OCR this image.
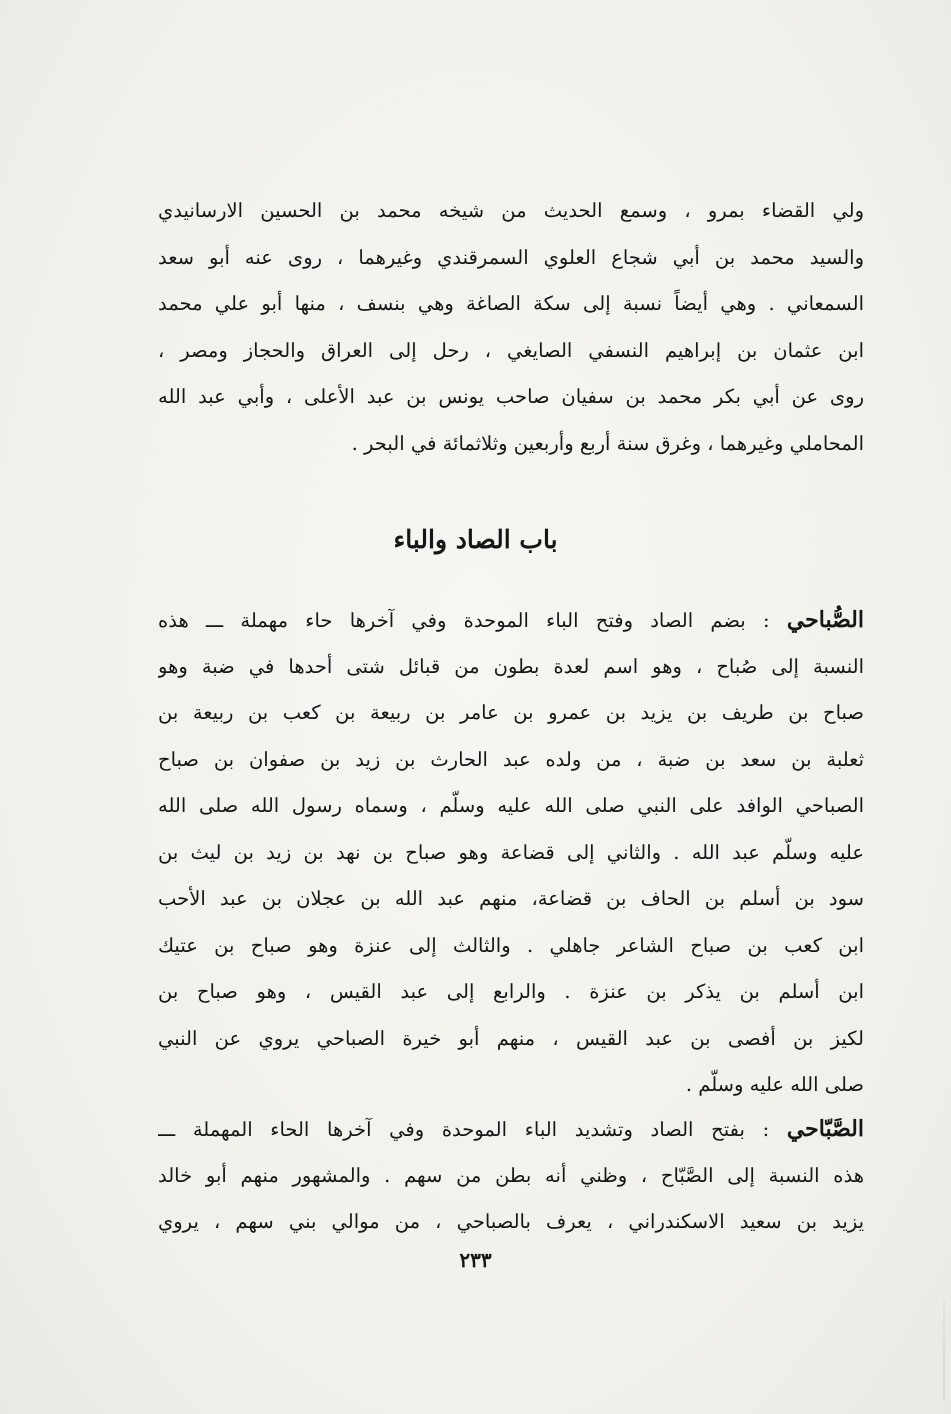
ولي القضاء بمرو ، وسمع الحديث من شيخه محمد بن الحسين الارسانيدي
والسيد محمد بن أبي شجاع العلوي السمرقندي وغيرهما ، روى عنه أبو سعد
السمعاني . وهي أيضاً نسبة إلى سكة الصاغة وهي بنسف ، منها أبو علي محمد
ابن عثمان بن إبراهيم النسفي الصايغي ، رحل إلى العراق والحجاز ومصر ،
روى عن أبي بكر محمد بن سفيان صاحب يونس بن عبد الأعلى ، وأبي عبد الله
المحاملي وغيرهما ، وغرق سنة أربع وأربعين وثلاثمائة في البحر .
باب الصاد والباء
الصُّباحي : بضم الصاد وفتح الباء الموحدة وفي آخرها حاء مهملة ـــ هذه
النسبة إلى صُباح ، وهو اسم لعدة بطون من قبائل شتى أحدها في ضبة وهو
صباح بن طريف بن يزيد بن عمرو بن عامر بن ربيعة بن كعب بن ربيعة بن
ثعلبة بن سعد بن ضبة ، من ولده عبد الحارث بن زيد بن صفوان بن صباح
الصباحي الوافد على النبي صلى الله عليه وسلّم ، وسماه رسول الله صلى الله
عليه وسلّم عبد الله . والثاني إلى قضاعة وهو صباح بن نهد بن زيد بن ليث بن
سود بن أسلم بن الحاف بن قضاعة، منهم عبد الله بن عجلان بن عبد الأحب
ابن كعب بن صباح الشاعر جاهلي . والثالث إلى عنزة وهو صباح بن عتيك
ابن أسلم بن يذكر بن عنزة . والرابع إلى عبد القيس ، وهو صباح بن
لكيز بن أفصى بن عبد القيس ، منهم أبو خيرة الصباحي يروي عن النبي
صلى الله عليه وسلّم .
الصَّبّاحي : بفتح الصاد وتشديد الباء الموحدة وفي آخرها الحاء المهملة ـــ
هذه النسبة إلى الصَّبّاح ، وظني أنه بطن من سهم . والمشهور منهم أبو خالد
يزيد بن سعيد الاسكندراني ، يعرف بالصباحي ، من موالي بني سهم ، يروي
٢٣٣
